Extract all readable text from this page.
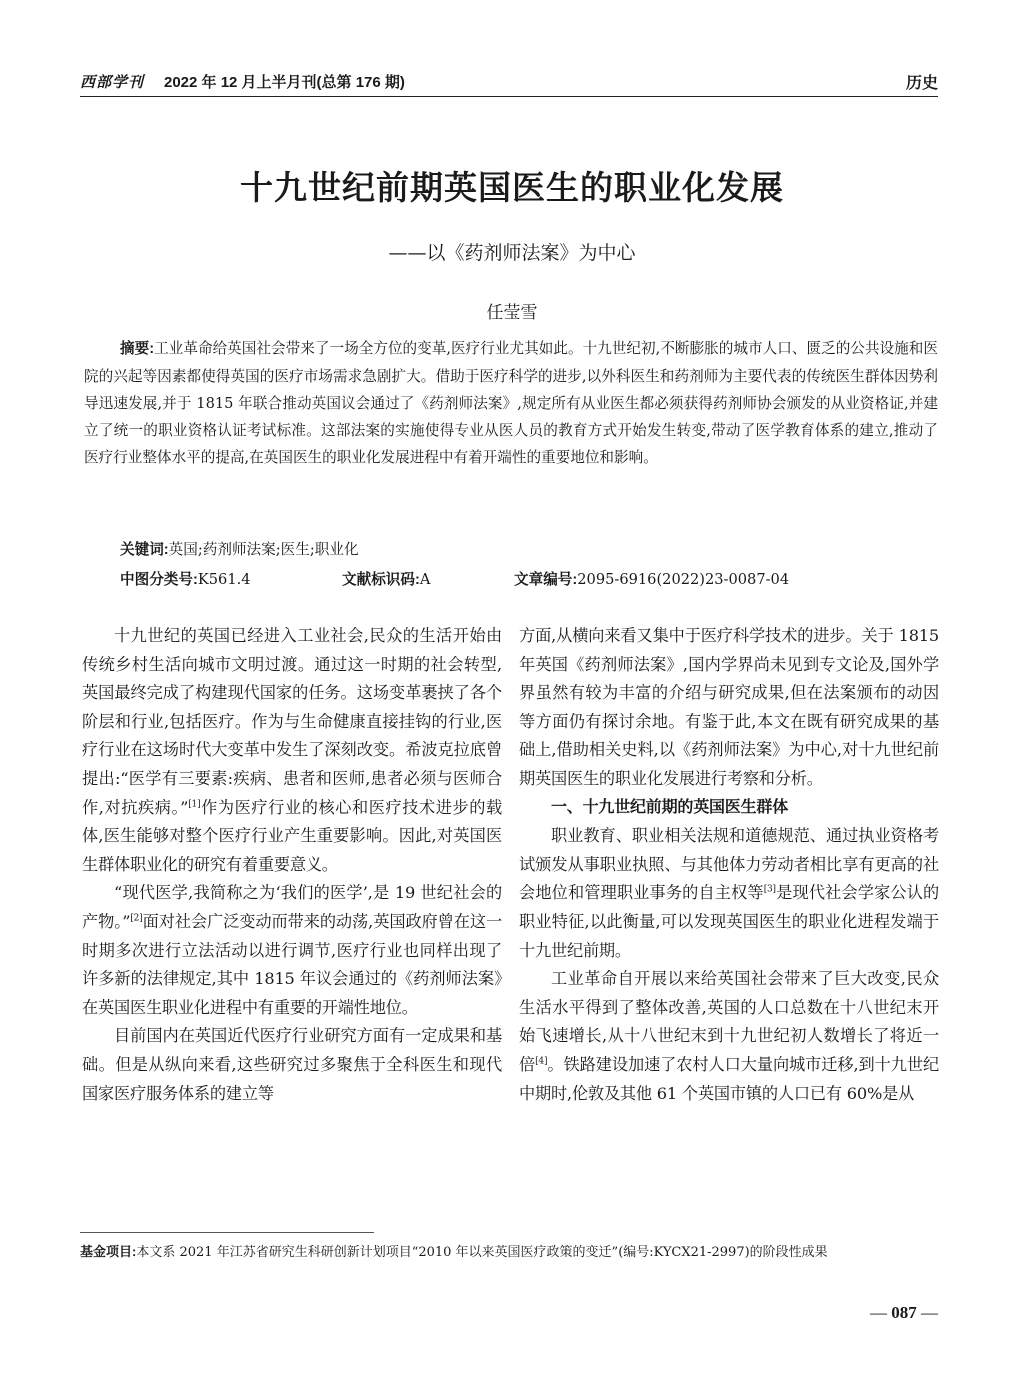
西部学刊 2022 年 12 月上半月刊(总第 176 期)	历史
十九世纪前期英国医生的职业化发展
——以《药剂师法案》为中心
任莹雪
摘要:工业革命给英国社会带来了一场全方位的变革,医疗行业尤其如此。十九世纪初,不断膨胀的城市人口、匮乏的公共设施和医院的兴起等因素都使得英国的医疗市场需求急剧扩大。借助于医疗科学的进步,以外科医生和药剂师为主要代表的传统医生群体因势利导迅速发展,并于 1815 年联合推动英国议会通过了《药剂师法案》,规定所有从业医生都必须获得药剂师协会颁发的从业资格证,并建立了统一的职业资格认证考试标准。这部法案的实施使得专业从医人员的教育方式开始发生转变,带动了医学教育体系的建立,推动了医疗行业整体水平的提高,在英国医生的职业化发展进程中有着开端性的重要地位和影响。
关键词:英国;药剂师法案;医生;职业化
中图分类号:K561.4	文献标识码:A	文章编号:2095-6916(2022)23-0087-04

十九世纪的英国已经进入工业社会,民众的生活开始由传统乡村生活向城市文明过渡。通过这一时期的社会转型,英国最终完成了构建现代国家的任务。这场变革裹挟了各个阶层和行业,包括医疗。作为与生命健康直接挂钩的行业,医疗行业在这场时代大变革中发生了深刻改变。希波克拉底曾提出:“医学有三要素:疾病、患者和医师,患者必须与医师合作,对抗疾病。”[1]作为医疗行业的核心和医疗技术进步的载体,医生能够对整个医疗行业产生重要影响。因此,对英国医生群体职业化的研究有着重要意义。

“现代医学,我简称之为‘我们的医学’,是 19 世纪社会的产物。”[2]面对社会广泛变动而带来的动荡,英国政府曾在这一时期多次进行立法活动以进行调节,医疗行业也同样出现了许多新的法律规定,其中 1815 年议会通过的《药剂师法案》在英国医生职业化进程中有重要的开端性地位。

目前国内在英国近代医疗行业研究方面有一定成果和基础。但是从纵向来看,这些研究过多聚焦于全科医生和现代国家医疗服务体系的建立等

方面,从横向来看又集中于医疗科学技术的进步。关于 1815 年英国《药剂师法案》,国内学界尚未见到专文论及,国外学界虽然有较为丰富的介绍与研究成果,但在法案颁布的动因等方面仍有探讨余地。有鉴于此,本文在既有研究成果的基础上,借助相关史料,以《药剂师法案》为中心,对十九世纪前期英国医生的职业化发展进行考察和分析。

一、十九世纪前期的英国医生群体

职业教育、职业相关法规和道德规范、通过执业资格考试颁发从事职业执照、与其他体力劳动者相比享有更高的社会地位和管理职业事务的自主权等[3]是现代社会学家公认的职业特征,以此衡量,可以发现英国医生的职业化进程发端于十九世纪前期。

工业革命自开展以来给英国社会带来了巨大改变,民众生活水平得到了整体改善,英国的人口总数在十八世纪末开始飞速增长,从十八世纪末到十九世纪初人数增长了将近一倍[4]。铁路建设加速了农村人口大量向城市迁移,到十九世纪中期时,伦敦及其他 61 个英国市镇的人口已有 60%是从

基金项目:本文系 2021 年江苏省研究生科研创新计划项目“2010 年以来英国医疗政策的变迁”(编号:KYCX21-2997)的阶段性成果
— 087 —
